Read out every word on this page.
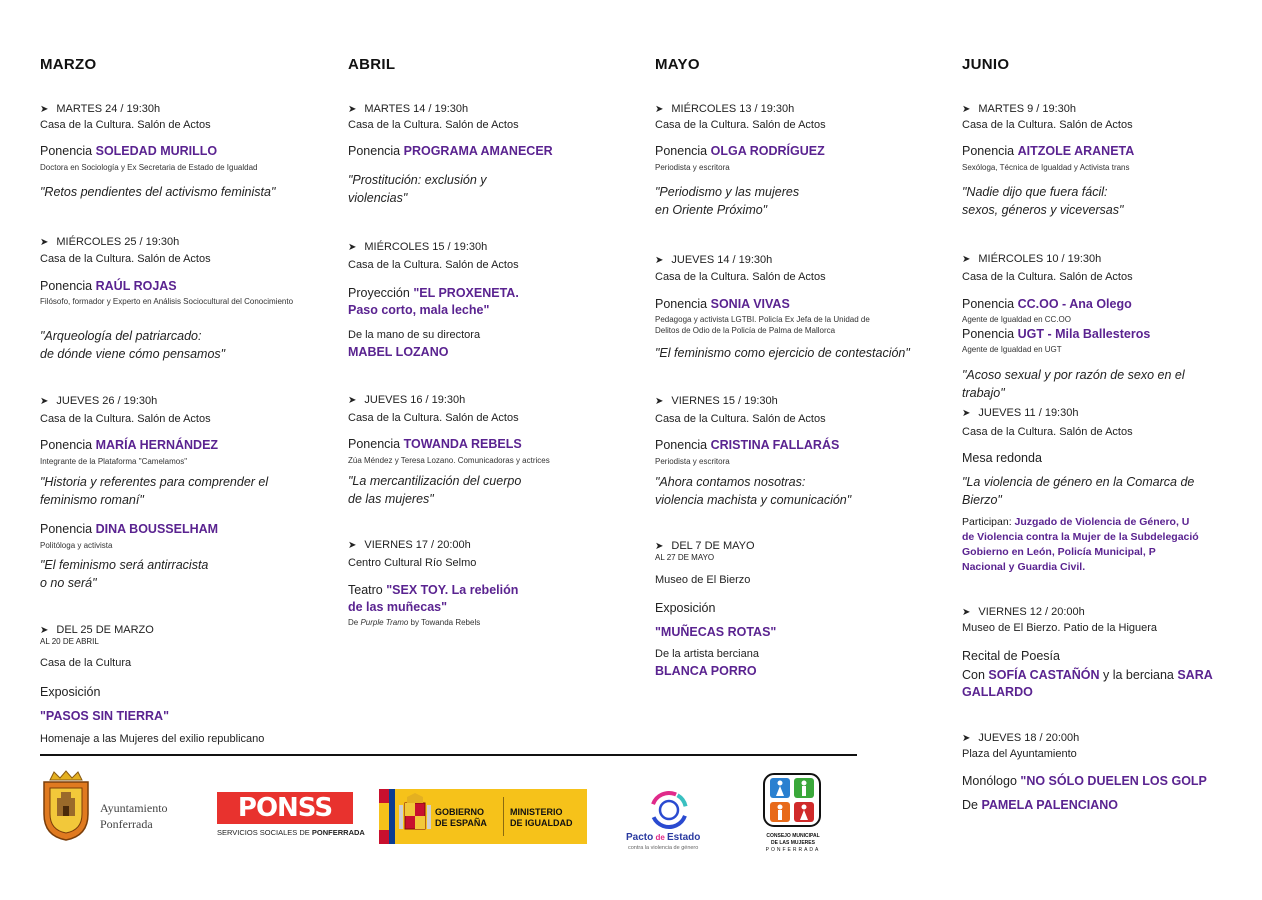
MARZO
➤ MARTES 24 / 19:30h
Casa de la Cultura. Salón de Actos
Ponencia SOLEDAD MURILLO
Doctora en Sociología y Ex Secretaria de Estado de Igualdad
"Retos pendientes del activismo feminista"
➤ MIÉRCOLES 25 / 19:30h
Casa de la Cultura. Salón de Actos
Ponencia RAÚL ROJAS
Filósofo, formador y Experto en Análisis Sociocultural del Conocimiento
"Arqueología del patriarcado:
de dónde viene cómo pensamos"
➤ JUEVES 26 / 19:30h
Casa de la Cultura. Salón de Actos
Ponencia MARÍA HERNÁNDEZ
Integrante de la Plataforma "Camelamos"
"Historia y referentes para comprender el
feminismo romaní"
Ponencia DINA BOUSSELHAM
Politóloga y activista
"El feminismo será antirracista
o no será"
➤ DEL 25 DE MARZO
AL 20 DE ABRIL
Casa de la Cultura
Exposición
"PASOS SIN TIERRA"
Homenaje a las Mujeres del exilio republicano
ABRIL
➤ MARTES 14 / 19:30h
Casa de la Cultura. Salón de Actos
Ponencia PROGRAMA AMANECER
"Prostitución: exclusión y
violencias"
➤ MIÉRCOLES 15 / 19:30h
Casa de la Cultura. Salón de Actos
Proyección "EL PROXENETA.
Paso corto, mala leche"
De la mano de su directora
MABEL LOZANO
➤ JUEVES 16 / 19:30h
Casa de la Cultura. Salón de Actos
Ponencia TOWANDA REBELS
Zúa Méndez y Teresa Lozano. Comunicadoras y actrices
"La mercantilización del cuerpo
de las mujeres"
➤ VIERNES 17 / 20:00h
Centro Cultural Río Selmo
Teatro "SEX TOY. La rebelión
de las muñecas"
De Purple Tramo by Towanda Rebels
MAYO
➤ MIÉRCOLES 13 / 19:30h
Casa de la Cultura. Salón de Actos
Ponencia OLGA RODRÍGUEZ
Periodista y escritora
"Periodismo y las mujeres
en Oriente Próximo"
➤ JUEVES 14 / 19:30h
Casa de la Cultura. Salón de Actos
Ponencia SONIA VIVAS
Pedagoga y activista LGTBI. Policía Ex Jefa de la Unidad de
Delitos de Odio de la Policía de Palma de Mallorca
"El feminismo como ejercicio de contestación"
➤ VIERNES 15 / 19:30h
Casa de la Cultura. Salón de Actos
Ponencia CRISTINA FALLARÁS
Periodista y escritora
"Ahora contamos nosotras:
violencia machista y comunicación"
➤ DEL 7 DE MAYO
AL 27 DE MAYO
Museo de El Bierzo
Exposición
"MUÑECAS ROTAS"
De la artista berciana
BLANCA PORRO
JUNIO
➤ MARTES 9 / 19:30h
Casa de la Cultura. Salón de Actos
Ponencia AITZOLE ARANETA
Sexóloga, Técnica de Igualdad y Activista trans
"Nadie dijo que fuera fácil:
sexos, géneros y viceversas"
➤ MIÉRCOLES 10 / 19:30h
Casa de la Cultura. Salón de Actos
Ponencia CC.OO - Ana Olego
Agente de Igualdad en CC.OO
Ponencia UGT - Mila Ballesteros
Agente de Igualdad en UGT
"Acoso sexual y por razón de sexo en el
trabajo"
➤ JUEVES 11 / 19:30h
Casa de la Cultura. Salón de Actos
Mesa redonda
"La violencia de género en la Comarca de
Bierzo"
Participan: Juzgado de Violencia de Género, U
de Violencia contra la Mujer de la Subdelegació
Gobierno en León, Policía Municipal, P
Nacional y Guardia Civil.
➤ VIERNES 12 / 20:00h
Museo de El Bierzo. Patio de la Higuera
Recital de Poesía
Con SOFÍA CASTAÑÓN y la berciana SARA
GALLARDO
➤ JUEVES 18 / 20:00h
Plaza del Ayuntamiento
Monólogo "NO SÓLO DUELEN LOS GOLP
De PAMELA PALENCIANO
Ayuntamiento
Ponferrada
PONSS
SERVICIOS SOCIALES DE PONFERRADA
GOBIERNO
DE ESPAÑA
MINISTERIO
DE IGUALDAD
Pacto de Estado
contra la violencia de género
CONSEJO MUNICIPAL
DE LAS MUJERES
PONFERRADA
